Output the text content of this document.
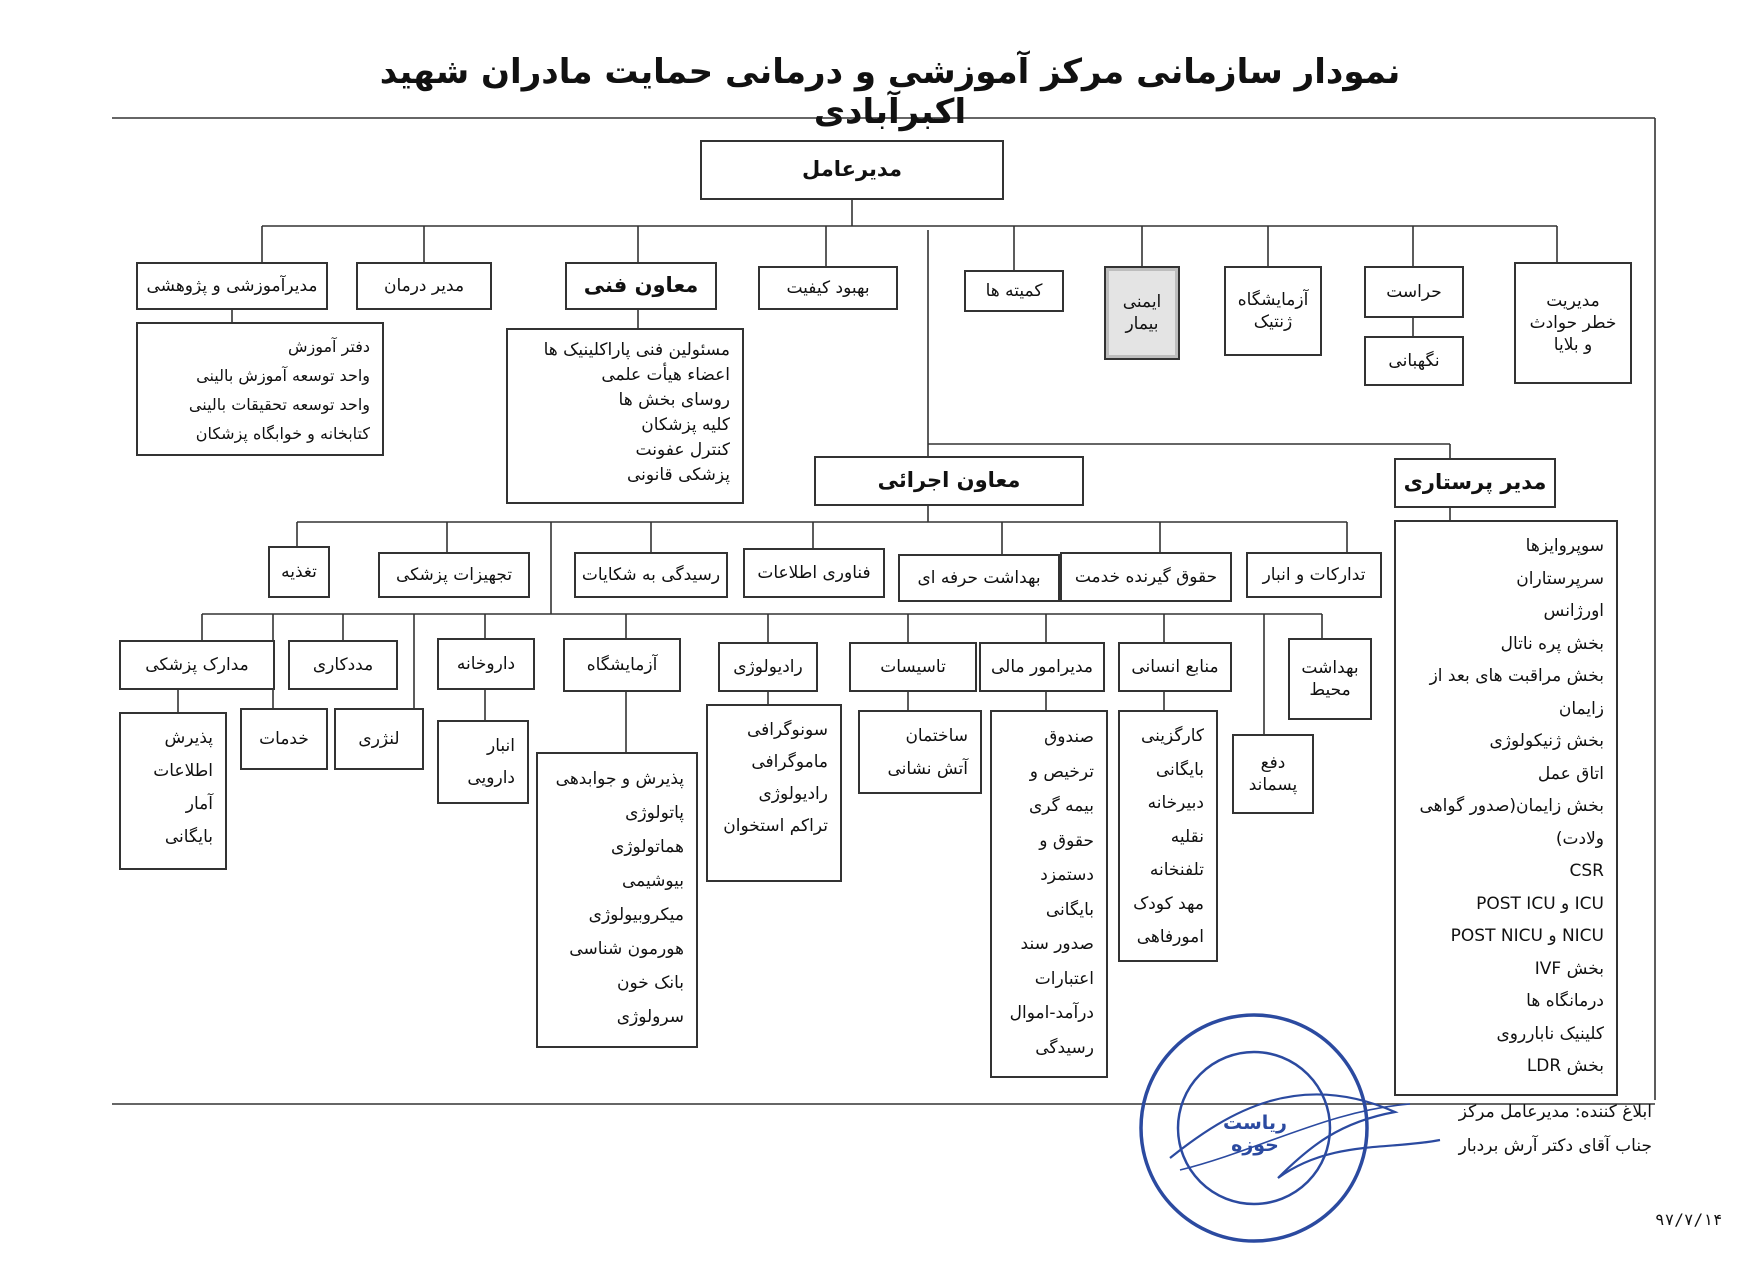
مدیرعامل
مدیرآموزشی و پژوهشی	مدیر درمان	معاون فنی	بهبود کیفیت	کمیته ها
ایمنی
بیمار
آزمایشگاه
ژنتیک
حراست	مدیریت
خطر حوادث
و بلایا
نگهبانی
دفتر آموزش
واحد توسعه آموزش بالینی
واحد توسعه تحقیقات بالینی
کتابخانه و خوابگاه پزشکان
مسئولین فنی پاراکلینیک ها
اعضاء هیأت علمی
روسای بخش ها
کلیه پزشکان
کنترل عفونت
پزشکی قانونی	معاون اجرائی	مدیر پرستاری
سوپروایزها
سرپرستاران
اورژانس
بخش پره ناتال
بخش مراقبت های بعد از
زایمان
بخش ژنیکولوژی
اتاق عمل
بخش زایمان(صدور گواهی
ولادت)
CSR
ICU و POST ICU
NICU و POST NICU
بخش IVF
درمانگاه ها
کلینیک نابارروی
بخش LDR
تغذیه	تجهیزات پزشکی	رسیدگی به شکایات فناوری اطلاعات	بهداشت حرفه ای حقوق گیرنده خدمت	تدارکات و انبار
مدارک پزشکی	مددکاری	داروخانه	آزمایشگاه	رادیولوژی	تاسیسات	مدیرامور مالی منابع انسانی	بهداشت
محیط
خدمات	لنژری
دفع
پسماند
پذیرش
اطلاعات
آمار
بایگانی
انبار
دارویی	پذیرش و جوابدهی
پاتولوژی
هماتولوژی
بیوشیمی
میکروبیولوژی
هورمون شناسی
بانک خون
سرولوژی
سونوگرافی
ماموگرافی
رادیولوژی
تراکم استخوان
ساختمان
آتش نشانی
صندوق
ترخیص و
بیمه گری
حقوق و
دستمزد
بایگانی
صدور سند
اعتبارات
درآمد-اموال
رسیدگی
کارگزینی
بایگانی
دبیرخانه
نقلیه
تلفنخانه
مهد کودک
امورفاهی
نمودار سازمانی مرکز آموزشی و درمانی حمایت مادران شهید اکبرآبادی
ابلاغ کننده: مدیرعامل مرکز
جناب آقای دکتر آرش بردبار
۹۷/۷/۱۴
ریاست حوزه
